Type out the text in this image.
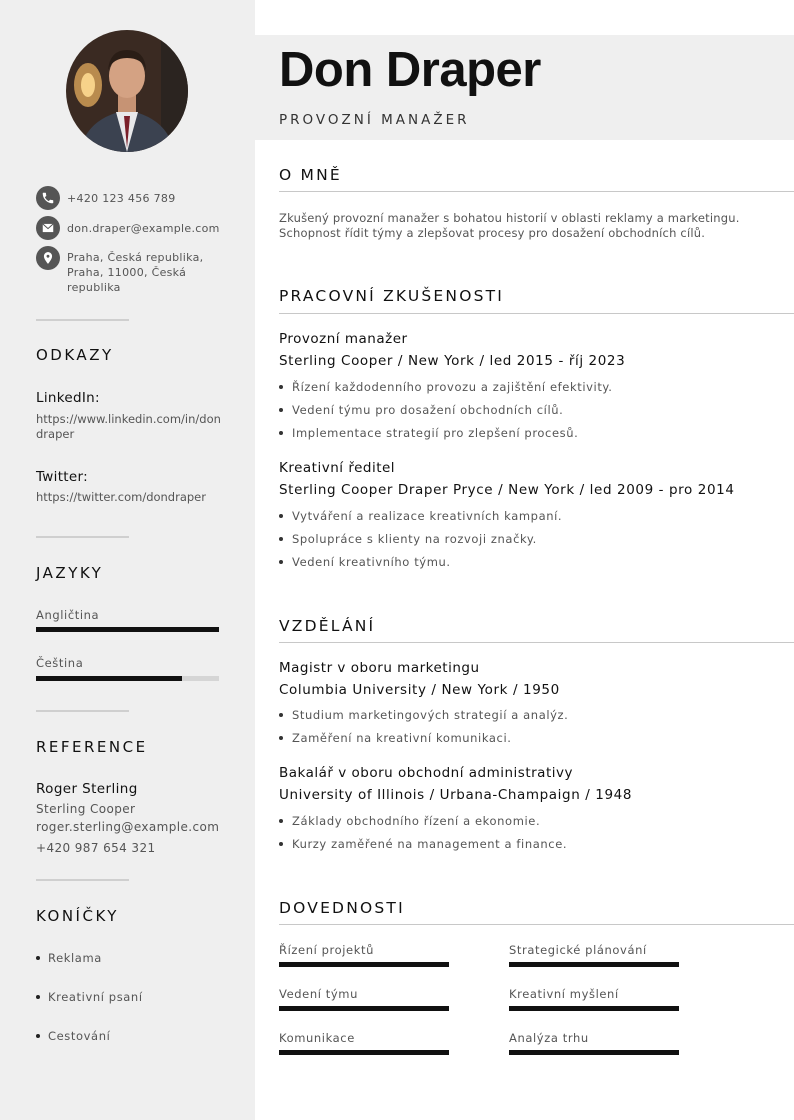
+420 123 456 789
don.draper@example.com
Praha, Česká republika, Praha, 11000, Česká republika
ODKAZY
LinkedIn:
https://www.linkedin.com/in/dondraper
Twitter:
https://twitter.com/dondraper
JAZYKY
Angličtina
Čeština
REFERENCE
Roger Sterling
Sterling Cooper
roger.sterling@example.com
+420 987 654 321
KONÍČKY
Reklama
Kreativní psaní
Cestování
Don Draper
PROVOZNÍ MANAŽER
O MNĚ
Zkušený provozní manažer s bohatou historií v oblasti reklamy a marketingu. Schopnost řídit týmy a zlepšovat procesy pro dosažení obchodních cílů.
PRACOVNÍ ZKUŠENOSTI
Provozní manažer
Sterling Cooper / New York / led 2015 - říj 2023
Řízení každodenního provozu a zajištění efektivity.
Vedení týmu pro dosažení obchodních cílů.
Implementace strategií pro zlepšení procesů.
Kreativní ředitel
Sterling Cooper Draper Pryce / New York / led 2009 - pro 2014
Vytváření a realizace kreativních kampaní.
Spolupráce s klienty na rozvoji značky.
Vedení kreativního týmu.
VZDĚLÁNÍ
Magistr v oboru marketingu
Columbia University / New York / 1950
Studium marketingových strategií a analýz.
Zaměření na kreativní komunikaci.
Bakalář v oboru obchodní administrativy
University of Illinois / Urbana-Champaign / 1948
Základy obchodního řízení a ekonomie.
Kurzy zaměřené na management a finance.
DOVEDNOSTI
Řízení projektů	Strategické plánování
Vedení týmu	Kreativní myšlení
Komunikace	Analýza trhu
